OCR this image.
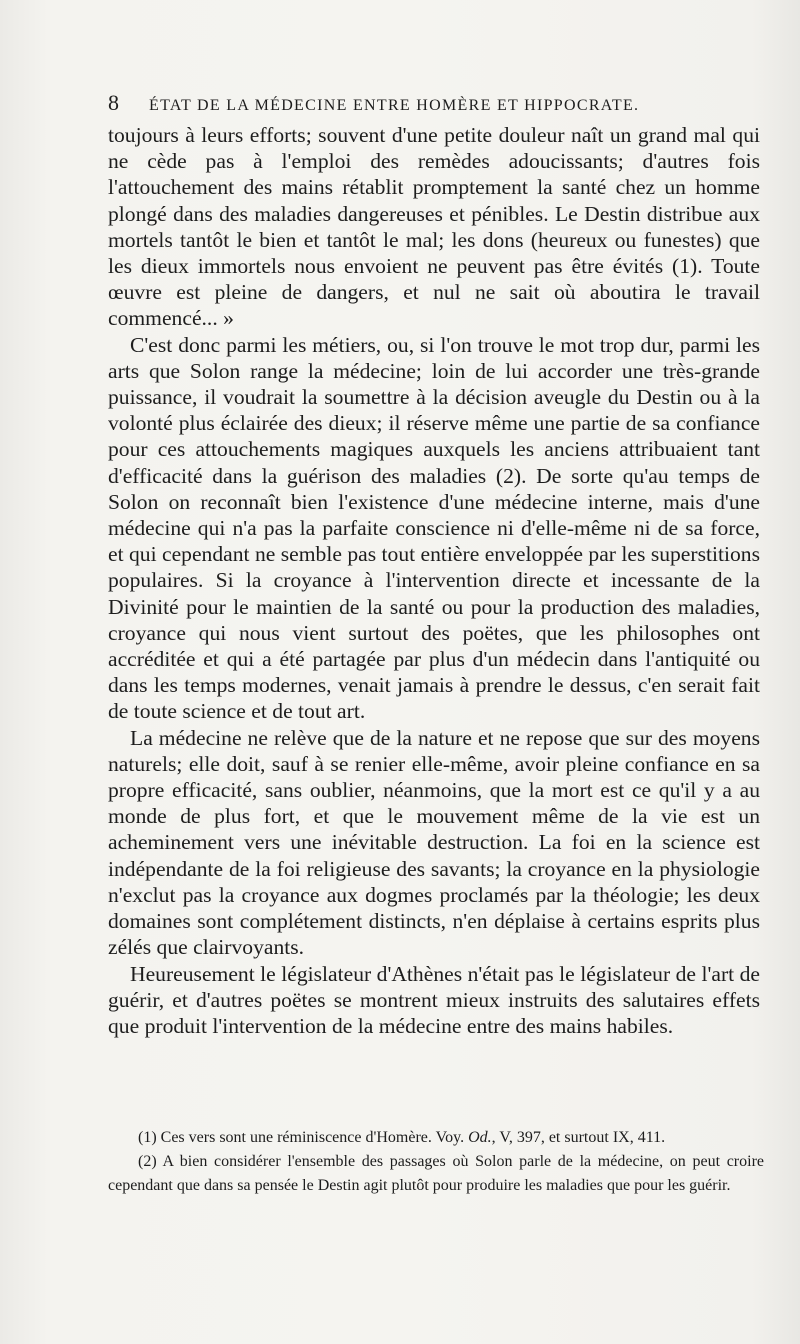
8 ÉTAT DE LA MÉDECINE ENTRE HOMÈRE ET HIPPOCRATE.

toujours à leurs efforts; souvent d'une petite douleur naît un grand mal qui ne cède pas à l'emploi des remèdes adoucissants; d'autres fois l'attouchement des mains rétablit promptement la santé chez un homme plongé dans des maladies dangereuses et pénibles. Le Destin distribue aux mortels tantôt le bien et tantôt le mal; les dons (heureux ou funestes) que les dieux immortels nous envoient ne peuvent pas être évités (1). Toute œuvre est pleine de dangers, et nul ne sait où aboutira le travail commencé... »

C'est donc parmi les métiers, ou, si l'on trouve le mot trop dur, parmi les arts que Solon range la médecine; loin de lui accorder une très-grande puissance, il voudrait la soumettre à la décision aveugle du Destin ou à la volonté plus éclairée des dieux; il réserve même une partie de sa confiance pour ces attouchements magiques auxquels les anciens attribuaient tant d'efficacité dans la guérison des maladies (2). De sorte qu'au temps de Solon on reconnaît bien l'existence d'une médecine interne, mais d'une médecine qui n'a pas la parfaite conscience ni d'elle-même ni de sa force, et qui cependant ne semble pas tout entière enveloppée par les superstitions populaires. Si la croyance à l'intervention directe et incessante de la Divinité pour le maintien de la santé ou pour la production des maladies, croyance qui nous vient surtout des poëtes, que les philosophes ont accréditée et qui a été partagée par plus d'un médecin dans l'antiquité ou dans les temps modernes, venait jamais à prendre le dessus, c'en serait fait de toute science et de tout art.

La médecine ne relève que de la nature et ne repose que sur des moyens naturels; elle doit, sauf à se renier elle-même, avoir pleine confiance en sa propre efficacité, sans oublier, néanmoins, que la mort est ce qu'il y a au monde de plus fort, et que le mouvement même de la vie est un acheminement vers une inévitable destruction. La foi en la science est indépendante de la foi religieuse des savants; la croyance en la physiologie n'exclut pas la croyance aux dogmes proclamés par la théologie; les deux domaines sont complétement distincts, n'en déplaise à certains esprits plus zélés que clairvoyants.

Heureusement le législateur d'Athènes n'était pas le législateur de l'art de guérir, et d'autres poëtes se montrent mieux instruits des salutaires effets que produit l'intervention de la médecine entre des mains habiles.

(1) Ces vers sont une réminiscence d'Homère. Voy. Od., V, 397, et surtout IX, 411.

(2) A bien considérer l'ensemble des passages où Solon parle de la médecine, on peut croire cependant que dans sa pensée le Destin agit plutôt pour produire les maladies que pour les guérir.
